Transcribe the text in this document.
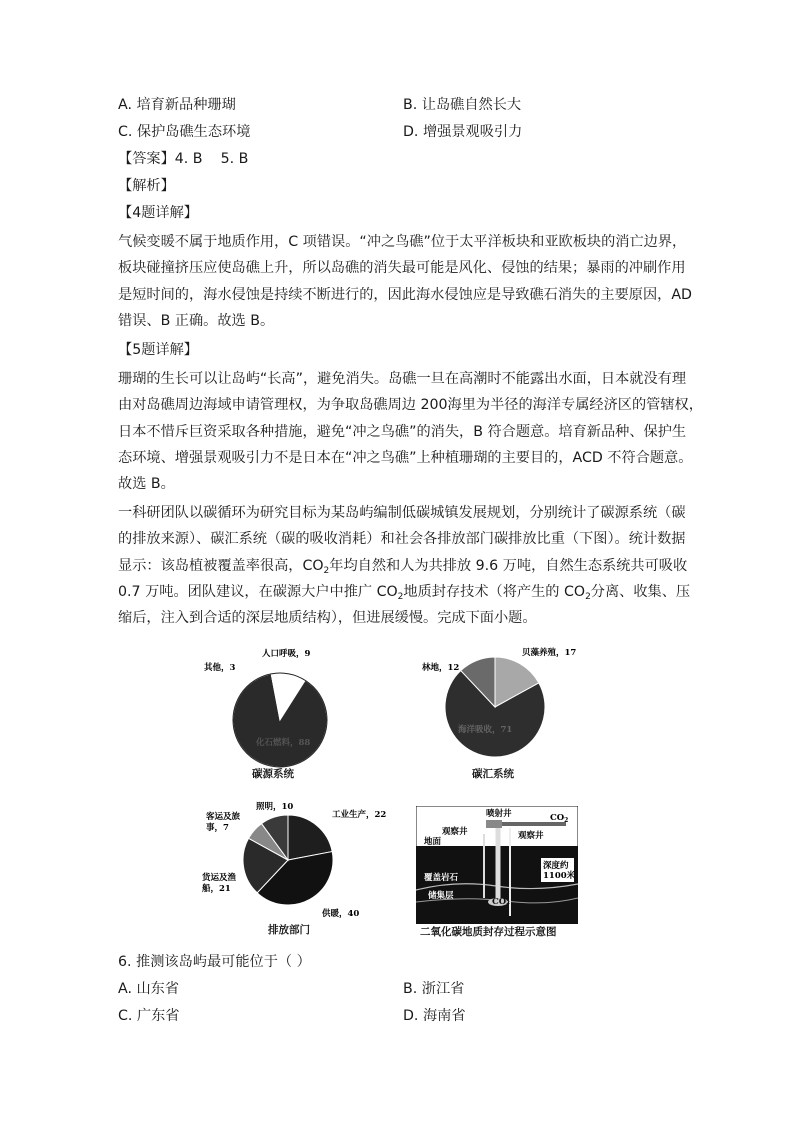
A. 培育新品种珊瑚	B. 让岛礁自然长大
C. 保护岛礁生态环境	D. 增强景观吸引力
【答案】4. B    5. B
【解析】
【4题详解】
气候变暖不属于地质作用，C 项错误。“冲之鸟礁”位于太平洋板块和亚欧板块的消亡边界，
板块碰撞挤压应使岛礁上升，所以岛礁的消失最可能是风化、侵蚀的结果；暴雨的冲刷作用
是短时间的，海水侵蚀是持续不断进行的，因此海水侵蚀应是导致礁石消失的主要原因，AD
错误、B 正确。故选 B。
【5题详解】
珊瑚的生长可以让岛屿“长高”，避免消失。岛礁一旦在高潮时不能露出水面，日本就没有理
由对岛礁周边海域申请管理权，为争取岛礁周边 200海里为半径的海洋专属经济区的管辖权，
日本不惜斥巨资采取各种措施，避免“冲之鸟礁”的消失，B 符合题意。培育新品种、保护生
态环境、增强景观吸引力不是日本在“冲之鸟礁”上种植珊瑚的主要目的，ACD 不符合题意。
故选 B。
一科研团队以碳循环为研究目标为某岛屿编制低碳城镇发展规划，分别统计了碳源系统（碳
的排放来源）、碳汇系统（碳的吸收消耗）和社会各排放部门碳排放比重（下图）。统计数据
显示：该岛植被覆盖率很高，$CO_2$年均自然和人为共排放 9.6 万吨，自然生态系统共可吸收
0.7 万吨。团队建议，在碳源大户中推广 $CO_2$地质封存技术（将产生的 $CO_2$分离、收集、压
缩后，注入到合适的深层地质结构），但进展缓慢。完成下面小题。
人口呼吸，9
其他，3
化石燃料，88
碳源系统
林地，12
贝藻养殖，17
海洋吸收，71
碳汇系统
照明，10
客运及旅
事，7
工业生产，22
货运及渔
船，21
供暖，40
排放部门
喷射井
观察井	观察井
地面
$CO_2$
深度约
1100米
覆盖岩石
储集层
CO₂
二氧化碳地质封存过程示意图
6. 推测该岛屿最可能位于（ ）
A. 山东省	B. 浙江省
C. 广东省	D. 海南省
